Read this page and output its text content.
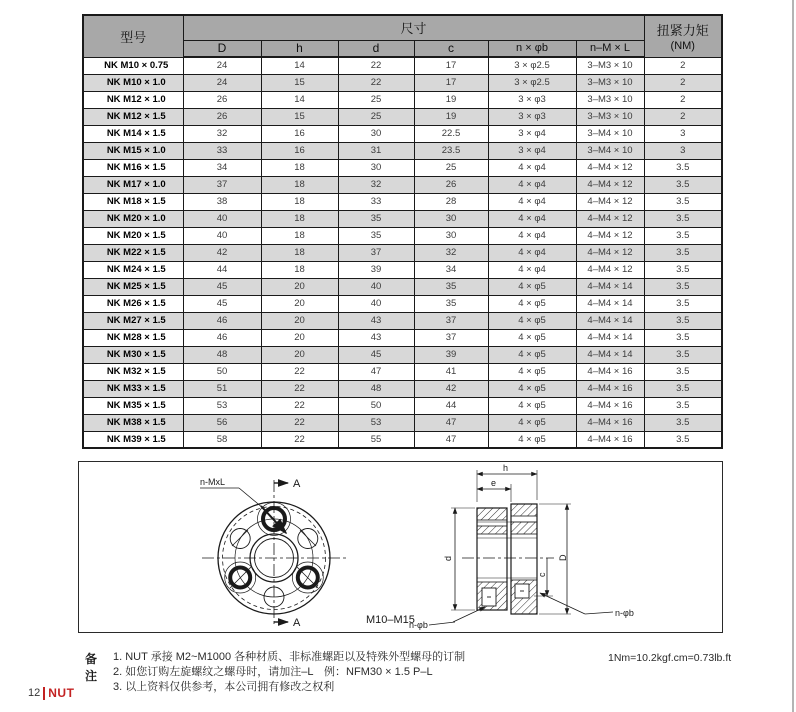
型号	尺寸						扭紧力矩
(NM)

	D	h	d	c	n × φb	n–M × L	
NK M10 × 0.75	24	14	22	17	3 × φ2.5	3–M3 × 10	2
NK M10 × 1.0	24	15	22	17	3 × φ2.5	3–M3 × 10	2
NK M12 × 1.0	26	14	25	19	3 × φ3	3–M3 × 10	2
NK M12 × 1.5	26	15	25	19	3 × φ3	3–M3 × 10	2
NK M14 × 1.5	32	16	30	22.5	3 × φ4	3–M4 × 10	3
NK M15 × 1.0	33	16	31	23.5	3 × φ4	3–M4 × 10	3
NK M16 × 1.5	34	18	30	25	4 × φ4	4–M4 × 12	3.5
NK M17 × 1.0	37	18	32	26	4 × φ4	4–M4 × 12	3.5
NK M18 × 1.5	38	18	33	28	4 × φ4	4–M4 × 12	3.5
NK M20 × 1.0	40	18	35	30	4 × φ4	4–M4 × 12	3.5
NK M20 × 1.5	40	18	35	30	4 × φ4	4–M4 × 12	3.5
NK M22 × 1.5	42	18	37	32	4 × φ4	4–M4 × 12	3.5
NK M24 × 1.5	44	18	39	34	4 × φ4	4–M4 × 12	3.5
NK M25 × 1.5	45	20	40	35	4 × φ5	4–M4 × 14	3.5
NK M26 × 1.5	45	20	40	35	4 × φ5	4–M4 × 14	3.5
NK M27 × 1.5	46	20	43	37	4 × φ5	4–M4 × 14	3.5
NK M28 × 1.5	46	20	43	37	4 × φ5	4–M4 × 14	3.5
NK M30 × 1.5	48	20	45	39	4 × φ5	4–M4 × 14	3.5
NK M32 × 1.5	50	22	47	41	4 × φ5	4–M4 × 16	3.5
NK M33 × 1.5	51	22	48	42	4 × φ5	4–M4 × 16	3.5
NK M35 × 1.5	53	22	50	44	4 × φ5	4–M4 × 16	3.5
NK M38 × 1.5	56	22	53	47	4 × φ5	4–M4 × 16	3.5
NK M39 × 1.5	58	22	55	47	4 × φ5	4–M4 × 16	3.5
n-MxL	A
A	M10–M15
h
e
d	D
c
n-φb
n-φb
备注
1. NUT 承接 M2~M1000 各种材质、非标准螺距以及特殊外型螺母的订制
2. 如您订购左旋螺纹之螺母时，请加注–L　例：NFM30 × 1.5 P–L
3. 以上资料仅供参考，本公司拥有修改之权利
1Nm=10.2kgf.cm=0.73lb.ft
12 NUT
